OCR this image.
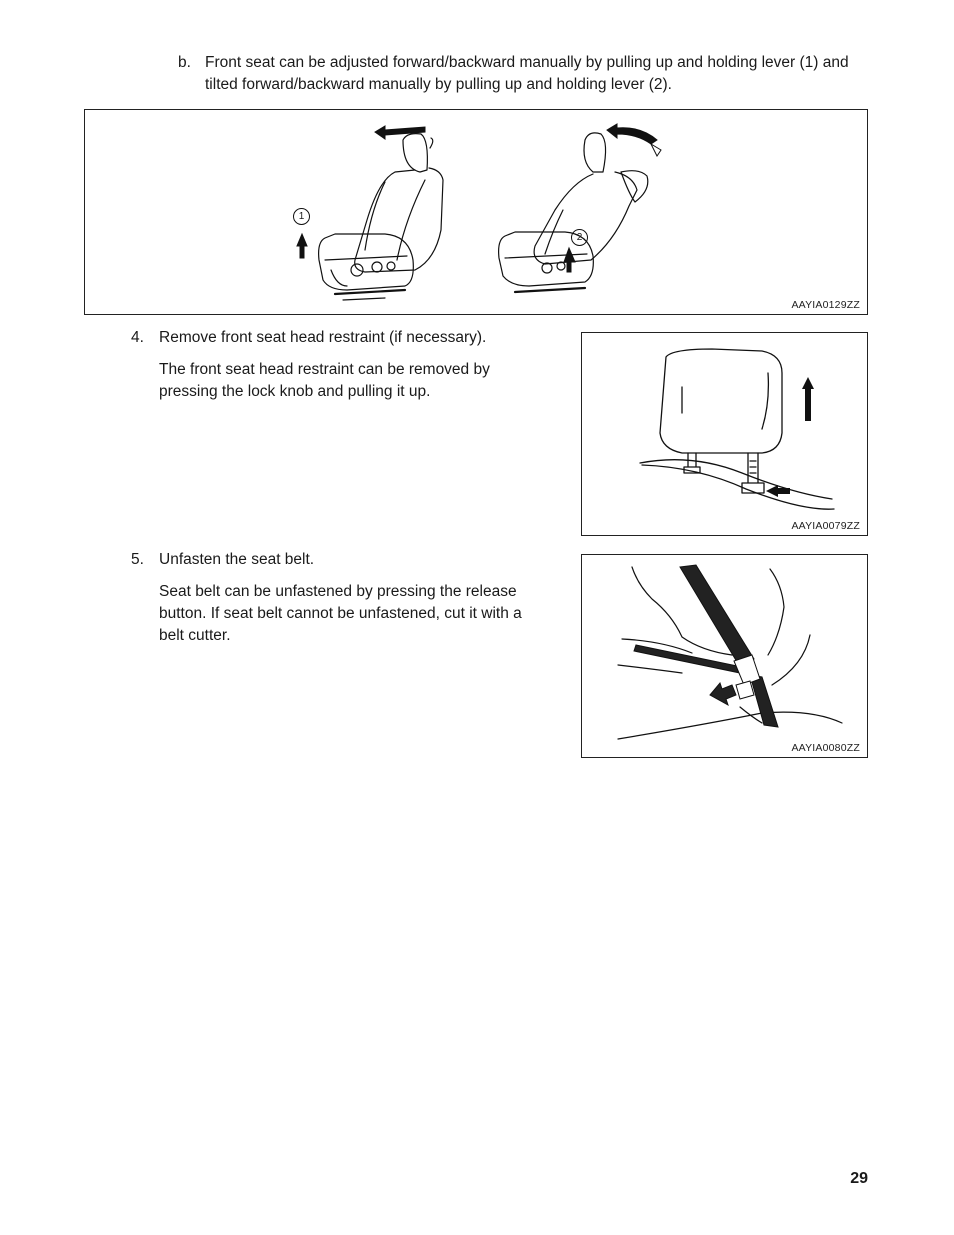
b. Front seat can be adjusted forward/backward manually by pulling up and holding lever (1) and tilted forward/backward manually by pulling up and holding lever (2).
1
2
AAYIA0129ZZ
4. Remove front seat head restraint (if necessary).
The front seat head restraint can be removed by pressing the lock knob and pulling it up.
AAYIA0079ZZ
5. Unfasten the seat belt.
Seat belt can be unfastened by pressing the release button. If seat belt cannot be unfastened, cut it with a belt cutter.
AAYIA0080ZZ
29
